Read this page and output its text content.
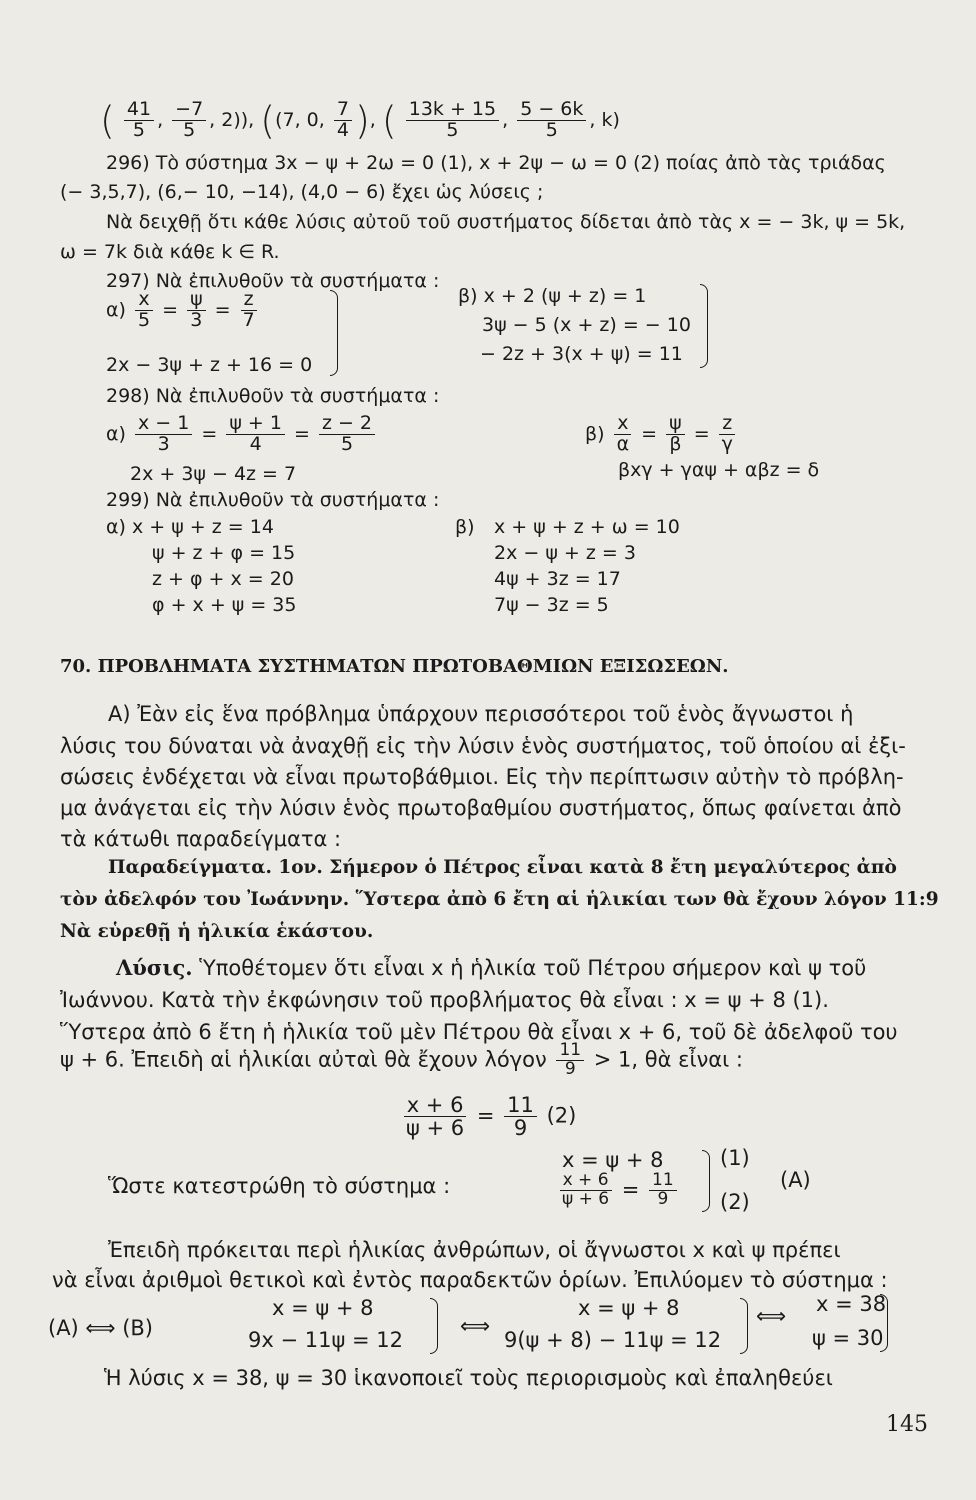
( $\frac{41}{5}$ , $\frac{-7}{5}$ , 2)), ((7, 0, $\frac{7}{4}$ ), ( $\frac{13k + 15}{5}$ , $\frac{5 - 6k}{5}$ , k)
296) Τὸ σύστημα 3x − ψ + 2ω = 0 (1), x + 2ψ − ω = 0 (2) ποίας ἀπὸ τὰς τριάδας
(− 3,5,7), (6,− 10, −14), (4,0 − 6) ἔχει ὡς λύσεις ;
Νὰ δειχθῇ ὅτι κάθε λύσις αὐτοῦ τοῦ συστήματος δίδεται ἀπὸ τὰς x = − 3k, ψ = 5k,
ω = 7k διὰ κάθε k ∈ R.
297) Νὰ ἐπιλυθοῦν τὰ συστήματα :
$\alpha) \frac{x}{5} = \frac{\psi}{3} = \frac{z}{7}$
2x − 3ψ + z + 16 = 0
β) x + 2 (ψ + z) = 1
3ψ − 5 (x + z) = − 10
− 2z + 3(x + ψ) = 11
298) Νὰ ἐπιλυθοῦν τὰ συστήματα :
$\alpha) \frac{x - 1}{3} = \frac{\psi + 1}{4} = \frac{z - 2}{5}$
2x + 3ψ − 4z = 7
$\beta) \frac{x}{\alpha} = \frac{\psi}{\beta} = \frac{z}{\gamma}$
βxγ + γαψ + αβz = δ
299) Νὰ ἐπιλυθοῦν τὰ συστήματα :
α) x + ψ + z = 14
ψ + z + φ = 15
z + φ + x = 20
φ + x + ψ = 35
β) x + ψ + z + ω = 10
2x − ψ + z = 3
4ψ + 3z = 17
7ψ − 3z = 5
70. ΠΡΟΒΛΗΜΑΤΑ ΣΥΣΤΗΜΑΤΩΝ ΠΡΩΤΟΒΑΘΜΙΩΝ ΕΞΙΣΩΣΕΩΝ.
Α) Ἐὰν εἰς ἕνα πρόβλημα ὑπάρχουν περισσότεροι τοῦ ἑνὸς ἄγνωστοι ἡ
λύσις του δύναται νὰ ἀναχθῇ εἰς τὴν λύσιν ἑνὸς συστήματος, τοῦ ὁποίου αἱ ἐξι-
σώσεις ἐνδέχεται νὰ εἶναι πρωτοβάθμιοι. Εἰς τὴν περίπτωσιν αὐτὴν τὸ πρόβλη-
μα ἀνάγεται εἰς τὴν λύσιν ἑνὸς πρωτοβαθμίου συστήματος, ὅπως φαίνεται ἀπὸ
τὰ κάτωθι παραδείγματα :
Παραδείγματα. 1ον. Σήμερον ὁ Πέτρος εἶναι κατὰ 8 ἔτη μεγαλύτερος ἀπὸ
τὸν ἀδελφόν του Ἰωάννην. Ὕστερα ἀπὸ 6 ἔτη αἱ ἡλικίαι των θὰ ἔχουν λόγον 11:9
Νὰ εὑρεθῇ ἡ ἡλικία ἑκάστου.
Λύσις. Ὑποθέτομεν ὅτι εἶναι x ἡ ἡλικία τοῦ Πέτρου σήμερον καὶ ψ τοῦ
Ἰωάννου. Κατὰ τὴν ἐκφώνησιν τοῦ προβλήματος θὰ εἶναι : x = ψ + 8 (1).
Ὕστερα ἀπὸ 6 ἔτη ἡ ἡλικία τοῦ μὲν Πέτρου θὰ εἶναι x + 6, τοῦ δὲ ἀδελφοῦ του
ψ + 6. Ἐπειδὴ αἱ ἡλικίαι αὐταὶ θὰ ἔχουν λόγον $\frac{11}{9} > 1$, θὰ εἶναι :
$\frac{x + 6}{\psi + 6} = \frac{11}{9} (2)$
Ὥστε κατεστρώθη τὸ σύστημα :
x = ψ + 8
$\frac{x + 6}{\psi + 6} = \frac{11}{9}$
(1)
(2)
(Α)
Ἐπειδὴ πρόκειται περὶ ἡλικίας ἀνθρώπων, οἱ ἄγνωστοι x καὶ ψ πρέπει
νὰ εἶναι ἀριθμοὶ θετικοὶ καὶ ἐντὸς παραδεκτῶν ὁρίων. Ἐπιλύομεν τὸ σύστημα :
(Α) ⟺ (Β)
x = ψ + 8
9x − 11ψ = 12
⟺
x = ψ + 8
9(ψ + 8) − 11ψ = 12
⟺ x = 38
ψ = 30
Ἡ λύσις x = 38, ψ = 30 ἱκανοποιεῖ τοὺς περιορισμοὺς καὶ ἐπαληθεύει
145
